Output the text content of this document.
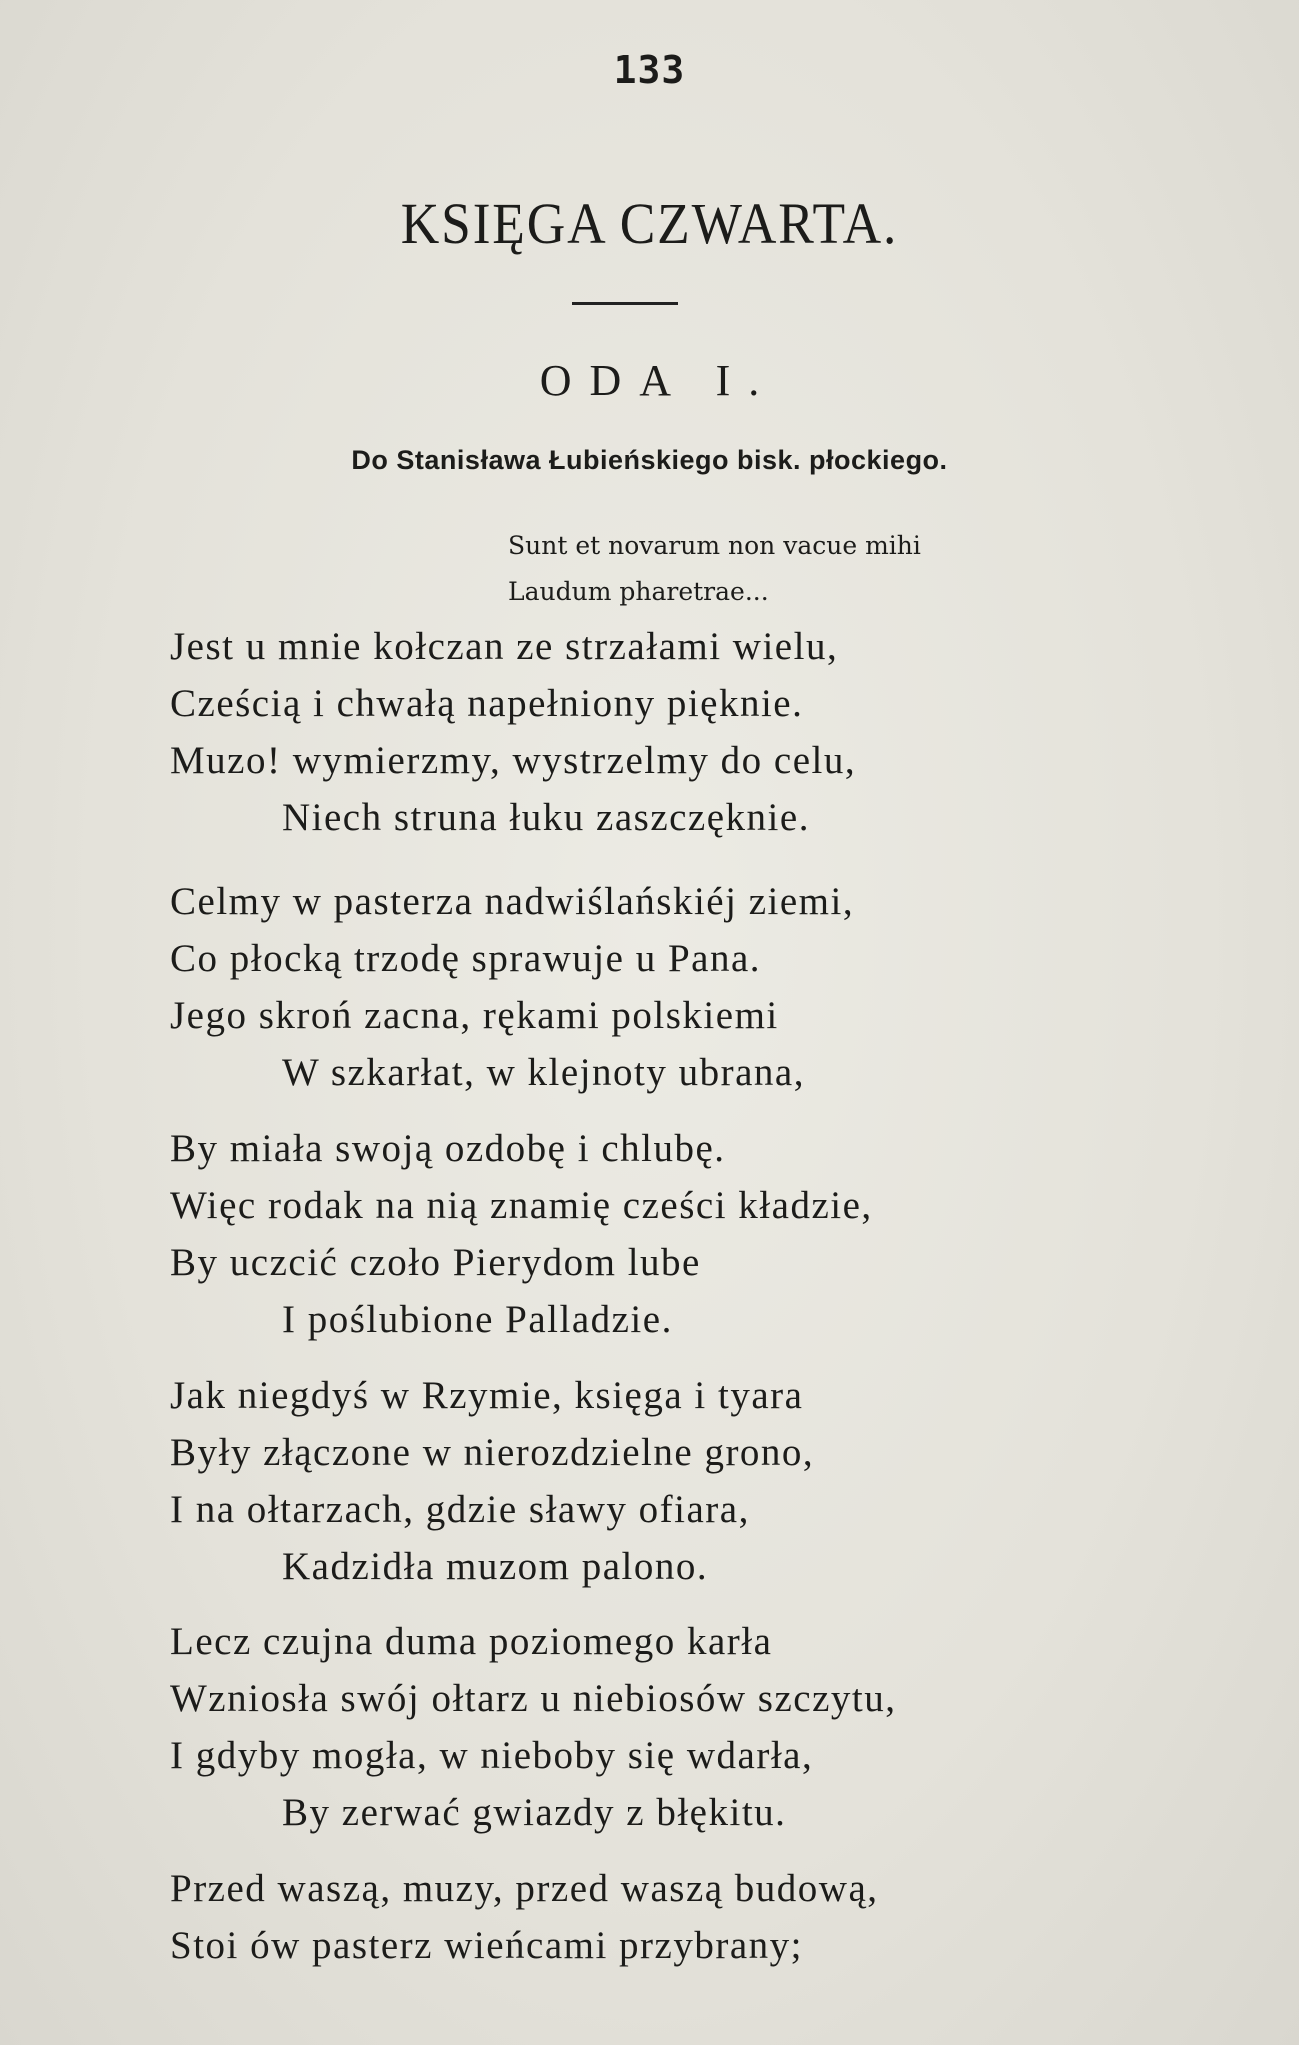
133
KSIĘGA CZWARTA.
ODA I.
Do Stanisława Łubieńskiego bisk. płockiego.
Sunt et novarum non vacue mihi
Laudum pharetrae...
Jest u mnie kołczan ze strzałami wielu,
Cześcią i chwałą napełniony pięknie.
Muzo! wymierzmy, wystrzelmy do celu,
Niech struna łuku zaszczęknie.
Celmy w pasterza nadwiślańskiéj ziemi,
Co płocką trzodę sprawuje u Pana.
Jego skroń zacna, rękami polskiemi
W szkarłat, w klejnoty ubrana,
By miała swoją ozdobę i chlubę.
Więc rodak na nią znamię cześci kładzie,
By uczcić czoło Pierydom lube
I poślubione Palladzie.
Jak niegdyś w Rzymie, księga i tyara
Były złączone w nierozdzielne grono,
I na ołtarzach, gdzie sławy ofiara,
Kadzidła muzom palono.
Lecz czujna duma poziomego karła
Wzniosła swój ołtarz u niebiosów szczytu,
I gdyby mogła, w nieboby się wdarła,
By zerwać gwiazdy z błękitu.
Przed waszą, muzy, przed waszą budową,
Stoi ów pasterz wieńcami przybrany;
